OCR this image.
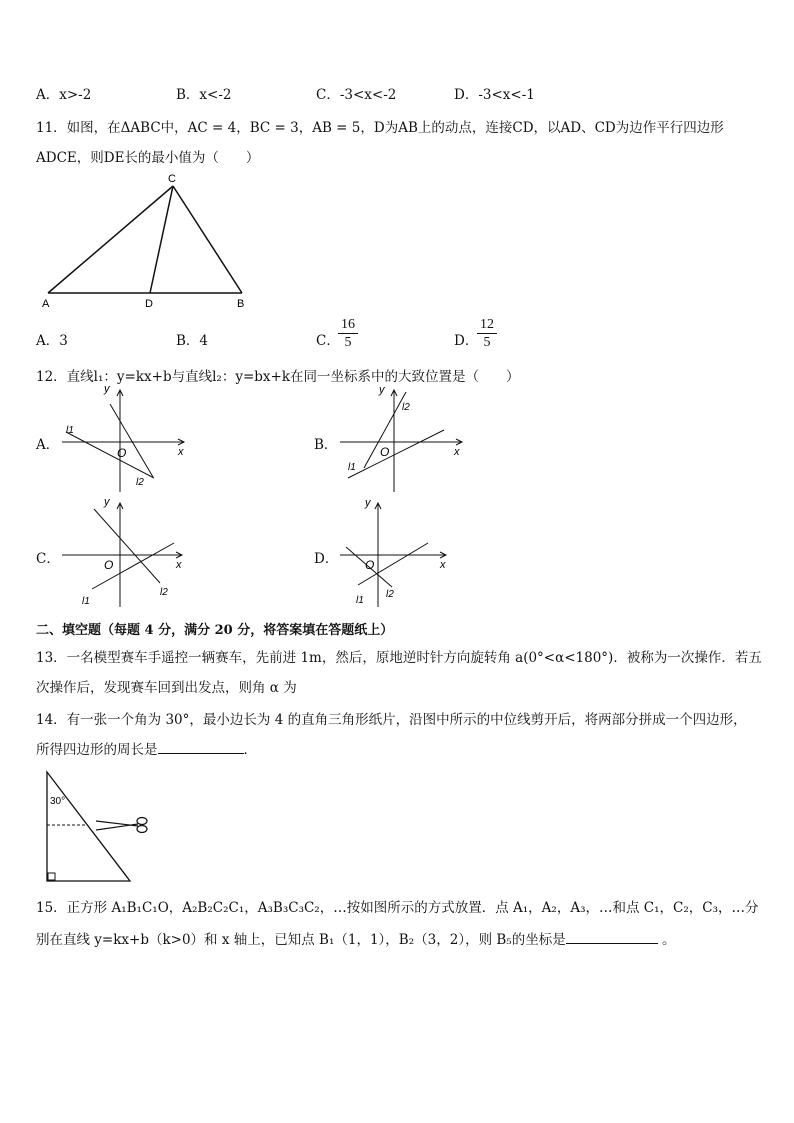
A．x>-2	B．x<-2	C．-3<x<-2	D．-3<x<-1
11．如图，在ΔABC中，AC = 4，BC = 3，AB = 5，D为AB上的动点，连接CD，以AD、CD为边作平行四边形
ADCE，则DE长的最小值为（　　）
C
A	D	B
A．3	B．4	C．
$\frac{16}{5}$	D．
$\frac{12}{5}$
12．直线l₁：y=kx+b与直线l₂：y=bx+k在同一坐标系中的大致位置是（　　）
A．
y
x
O
l1
l2
B．
y
x
O
l1
l2
C．
y
x
O
l1
l2
D．
y
x
O
l1
l2
二、填空题（每题 4 分，满分 20 分，将答案填在答题纸上）
13．一名模型赛车手遥控一辆赛车，先前进 1m，然后，原地逆时针方向旋转角 a(0°<α<180°)．被称为一次操作．若五
次操作后，发现赛车回到出发点，则角 α 为
14．有一张一个角为 30°，最小边长为 4 的直角三角形纸片，沿图中所示的中位线剪开后，将两部分拼成一个四边形，
所得四边形的周长是	．
30°
15．正方形 A₁B₁C₁O，A₂B₂C₂C₁，A₃B₃C₃C₂，…按如图所示的方式放置．点 A₁，A₂，A₃，…和点 C₁，C₂，C₃，…分
别在直线 y=kx+b（k>0）和 x 轴上，已知点 B₁（1，1），B₂（3，2），则 B₅的坐标是	。
